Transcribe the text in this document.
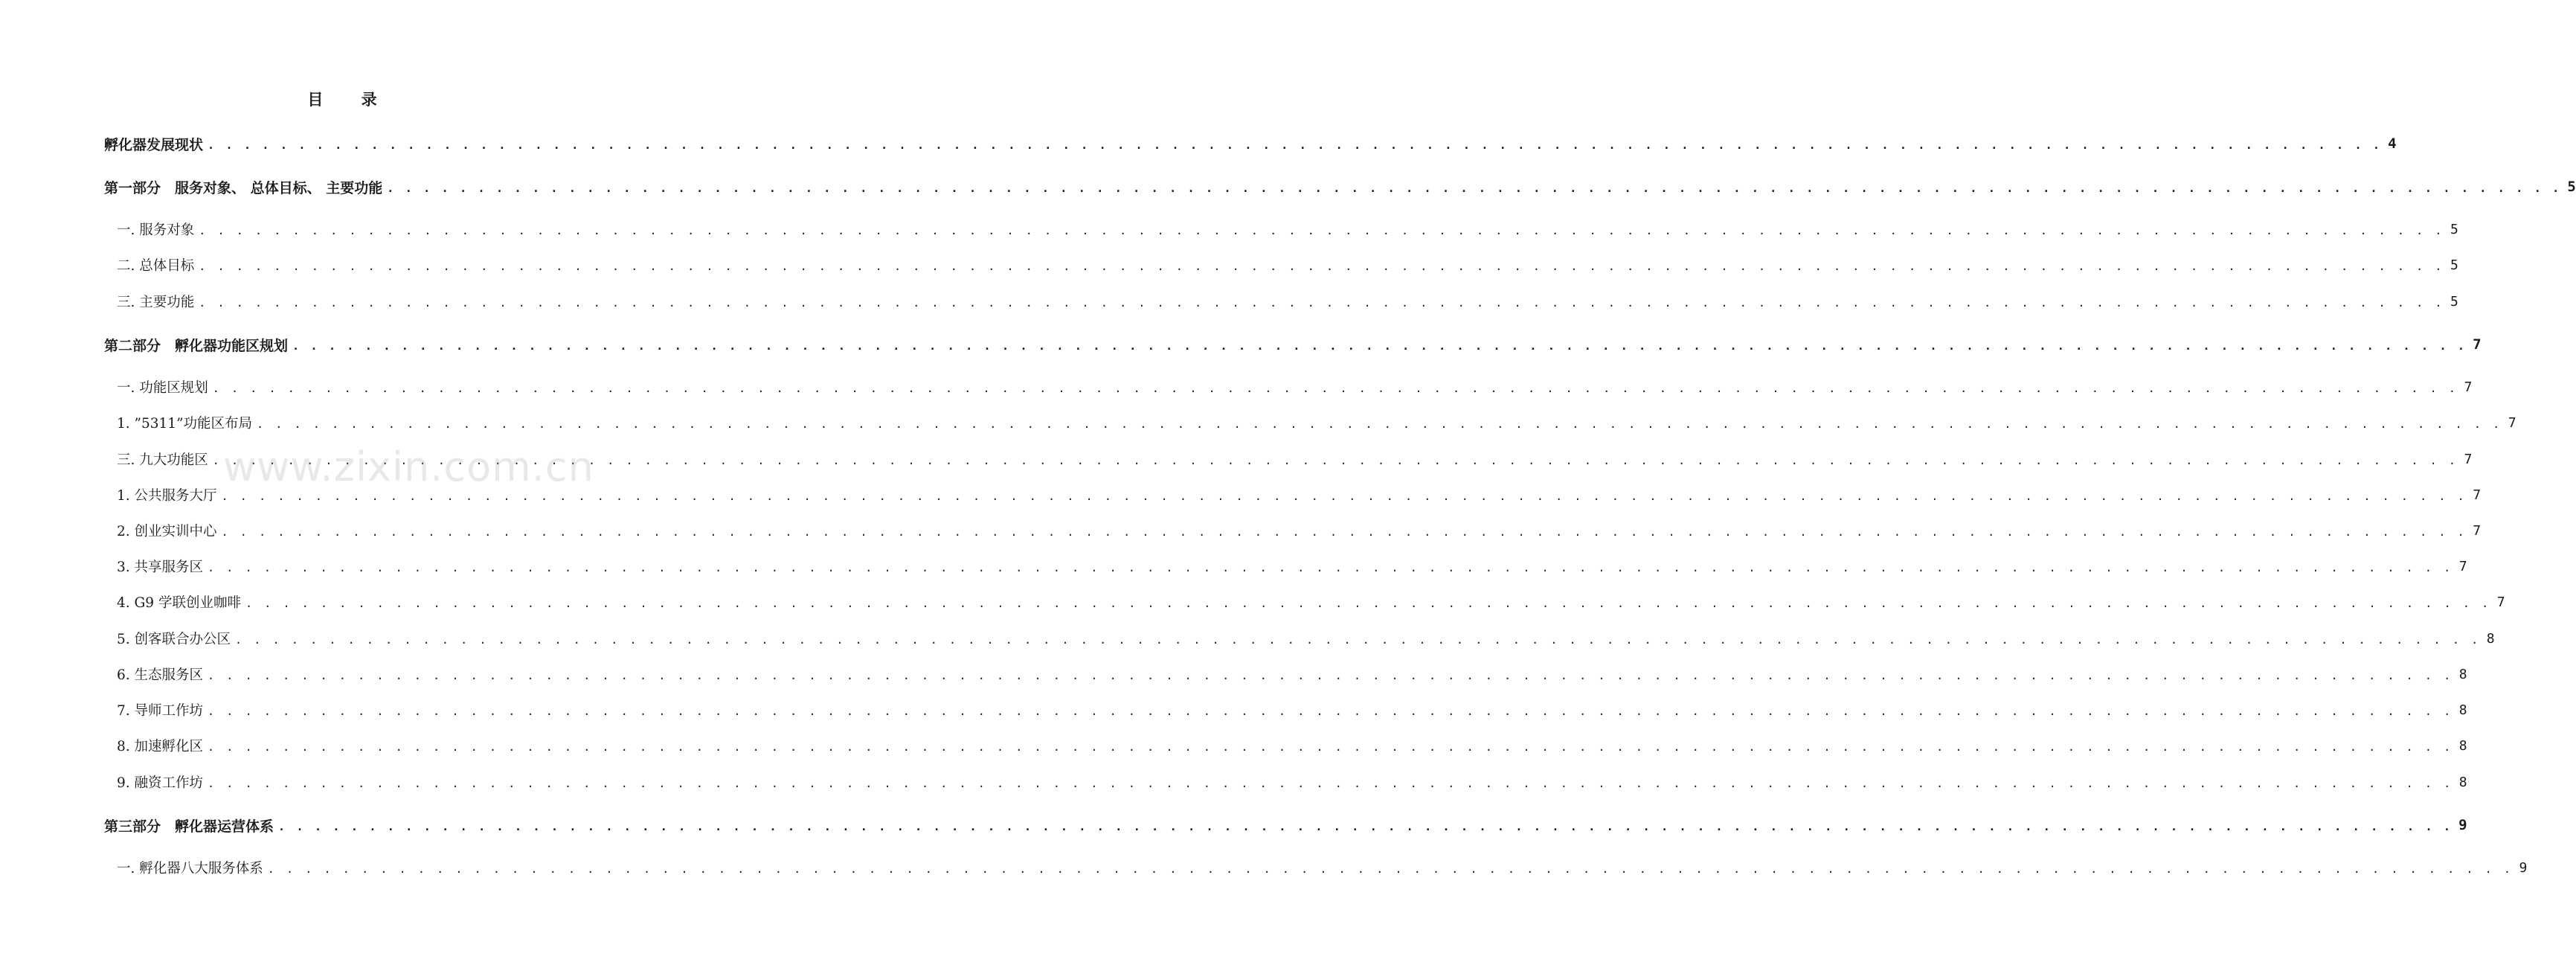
目 录
孵化器发展现状 . . . . . . . . . . . . . . . . . . . . . . . . . . . . . . . . . . . . . . . . . . . . . . . . . . . . . . . . . . . . . . . . . . . . . . . . . . . . . . . . . . . . . . . . . . . . . . . . . . . . . . . . . . . . . . . . . . . . . . . . 4
第一部分　服务对象、 总体目标、 主要功能 . . . . . . . . . . . . . . . . . . . . . . . . . . . . . . . . . . . . . . . . . . . . . . . . . . . . . . . . . . . . . . . . . . . . . . . . . . . . . . . . . . . . . . . . . . . . . . . . . . . . . . . . . . . . . . . . . . . . . . . . 5
一. 服务对象 . . . . . . . . . . . . . . . . . . . . . . . . . . . . . . . . . . . . . . . . . . . . . . . . . . . . . . . . . . . . . . . . . . . . . . . . . . . . . . . . . . . . . . . . . . . . . . . . . . . . . . . . . . . . . . . . . . . . . . . . 5
二. 总体目标 . . . . . . . . . . . . . . . . . . . . . . . . . . . . . . . . . . . . . . . . . . . . . . . . . . . . . . . . . . . . . . . . . . . . . . . . . . . . . . . . . . . . . . . . . . . . . . . . . . . . . . . . . . . . . . . . . . . . . . . . 5
三. 主要功能 . . . . . . . . . . . . . . . . . . . . . . . . . . . . . . . . . . . . . . . . . . . . . . . . . . . . . . . . . . . . . . . . . . . . . . . . . . . . . . . . . . . . . . . . . . . . . . . . . . . . . . . . . . . . . . . . . . . . . . . . 5
第二部分　孵化器功能区规划 . . . . . . . . . . . . . . . . . . . . . . . . . . . . . . . . . . . . . . . . . . . . . . . . . . . . . . . . . . . . . . . . . . . . . . . . . . . . . . . . . . . . . . . . . . . . . . . . . . . . . . . . . . . . . . . . . . . . . . . . 7
一. 功能区规划 . . . . . . . . . . . . . . . . . . . . . . . . . . . . . . . . . . . . . . . . . . . . . . . . . . . . . . . . . . . . . . . . . . . . . . . . . . . . . . . . . . . . . . . . . . . . . . . . . . . . . . . . . . . . . . . . . . . . . . . . 7
1. ”5311”功能区布局 . . . . . . . . . . . . . . . . . . . . . . . . . . . . . . . . . . . . . . . . . . . . . . . . . . . . . . . . . . . . . . . . . . . . . . . . . . . . . . . . . . . . . . . . . . . . . . . . . . . . . . . . . . . . . . . . . . . . . . . . 7
三. 九大功能区 . . . . . . . . . . . . . . . . . . . . . . . . . . . . . . . . . . . . . . . . . . . . . . . . . . . . . . . . . . . . . . . . . . . . . . . . . . . . . . . . . . . . . . . . . . . . . . . . . . . . . . . . . . . . . . . . . . . . . . . . 7
1. 公共服务大厅 . . . . . . . . . . . . . . . . . . . . . . . . . . . . . . . . . . . . . . . . . . . . . . . . . . . . . . . . . . . . . . . . . . . . . . . . . . . . . . . . . . . . . . . . . . . . . . . . . . . . . . . . . . . . . . . . . . . . . . . . 7
2. 创业实训中心 . . . . . . . . . . . . . . . . . . . . . . . . . . . . . . . . . . . . . . . . . . . . . . . . . . . . . . . . . . . . . . . . . . . . . . . . . . . . . . . . . . . . . . . . . . . . . . . . . . . . . . . . . . . . . . . . . . . . . . . . 7
3. 共享服务区 . . . . . . . . . . . . . . . . . . . . . . . . . . . . . . . . . . . . . . . . . . . . . . . . . . . . . . . . . . . . . . . . . . . . . . . . . . . . . . . . . . . . . . . . . . . . . . . . . . . . . . . . . . . . . . . . . . . . . . . . 7
4. G9 学联创业咖啡 . . . . . . . . . . . . . . . . . . . . . . . . . . . . . . . . . . . . . . . . . . . . . . . . . . . . . . . . . . . . . . . . . . . . . . . . . . . . . . . . . . . . . . . . . . . . . . . . . . . . . . . . . . . . . . . . . . . . . . . . 7
5. 创客联合办公区 . . . . . . . . . . . . . . . . . . . . . . . . . . . . . . . . . . . . . . . . . . . . . . . . . . . . . . . . . . . . . . . . . . . . . . . . . . . . . . . . . . . . . . . . . . . . . . . . . . . . . . . . . . . . . . . . . . . . . . . . 8
6. 生态服务区 . . . . . . . . . . . . . . . . . . . . . . . . . . . . . . . . . . . . . . . . . . . . . . . . . . . . . . . . . . . . . . . . . . . . . . . . . . . . . . . . . . . . . . . . . . . . . . . . . . . . . . . . . . . . . . . . . . . . . . . . 8
7. 导师工作坊 . . . . . . . . . . . . . . . . . . . . . . . . . . . . . . . . . . . . . . . . . . . . . . . . . . . . . . . . . . . . . . . . . . . . . . . . . . . . . . . . . . . . . . . . . . . . . . . . . . . . . . . . . . . . . . . . . . . . . . . . 8
8. 加速孵化区 . . . . . . . . . . . . . . . . . . . . . . . . . . . . . . . . . . . . . . . . . . . . . . . . . . . . . . . . . . . . . . . . . . . . . . . . . . . . . . . . . . . . . . . . . . . . . . . . . . . . . . . . . . . . . . . . . . . . . . . . 8
9. 融资工作坊 . . . . . . . . . . . . . . . . . . . . . . . . . . . . . . . . . . . . . . . . . . . . . . . . . . . . . . . . . . . . . . . . . . . . . . . . . . . . . . . . . . . . . . . . . . . . . . . . . . . . . . . . . . . . . . . . . . . . . . . . 8
第三部分　孵化器运营体系 . . . . . . . . . . . . . . . . . . . . . . . . . . . . . . . . . . . . . . . . . . . . . . . . . . . . . . . . . . . . . . . . . . . . . . . . . . . . . . . . . . . . . . . . . . . . . . . . . . . . . . . . . . . . . . . . . . . . . . . . 9
一. 孵化器八大服务体系 . . . . . . . . . . . . . . . . . . . . . . . . . . . . . . . . . . . . . . . . . . . . . . . . . . . . . . . . . . . . . . . . . . . . . . . . . . . . . . . . . . . . . . . . . . . . . . . . . . . . . . . . . . . . . . . . . . . . . . . . 9
www.zixin.com.cn
